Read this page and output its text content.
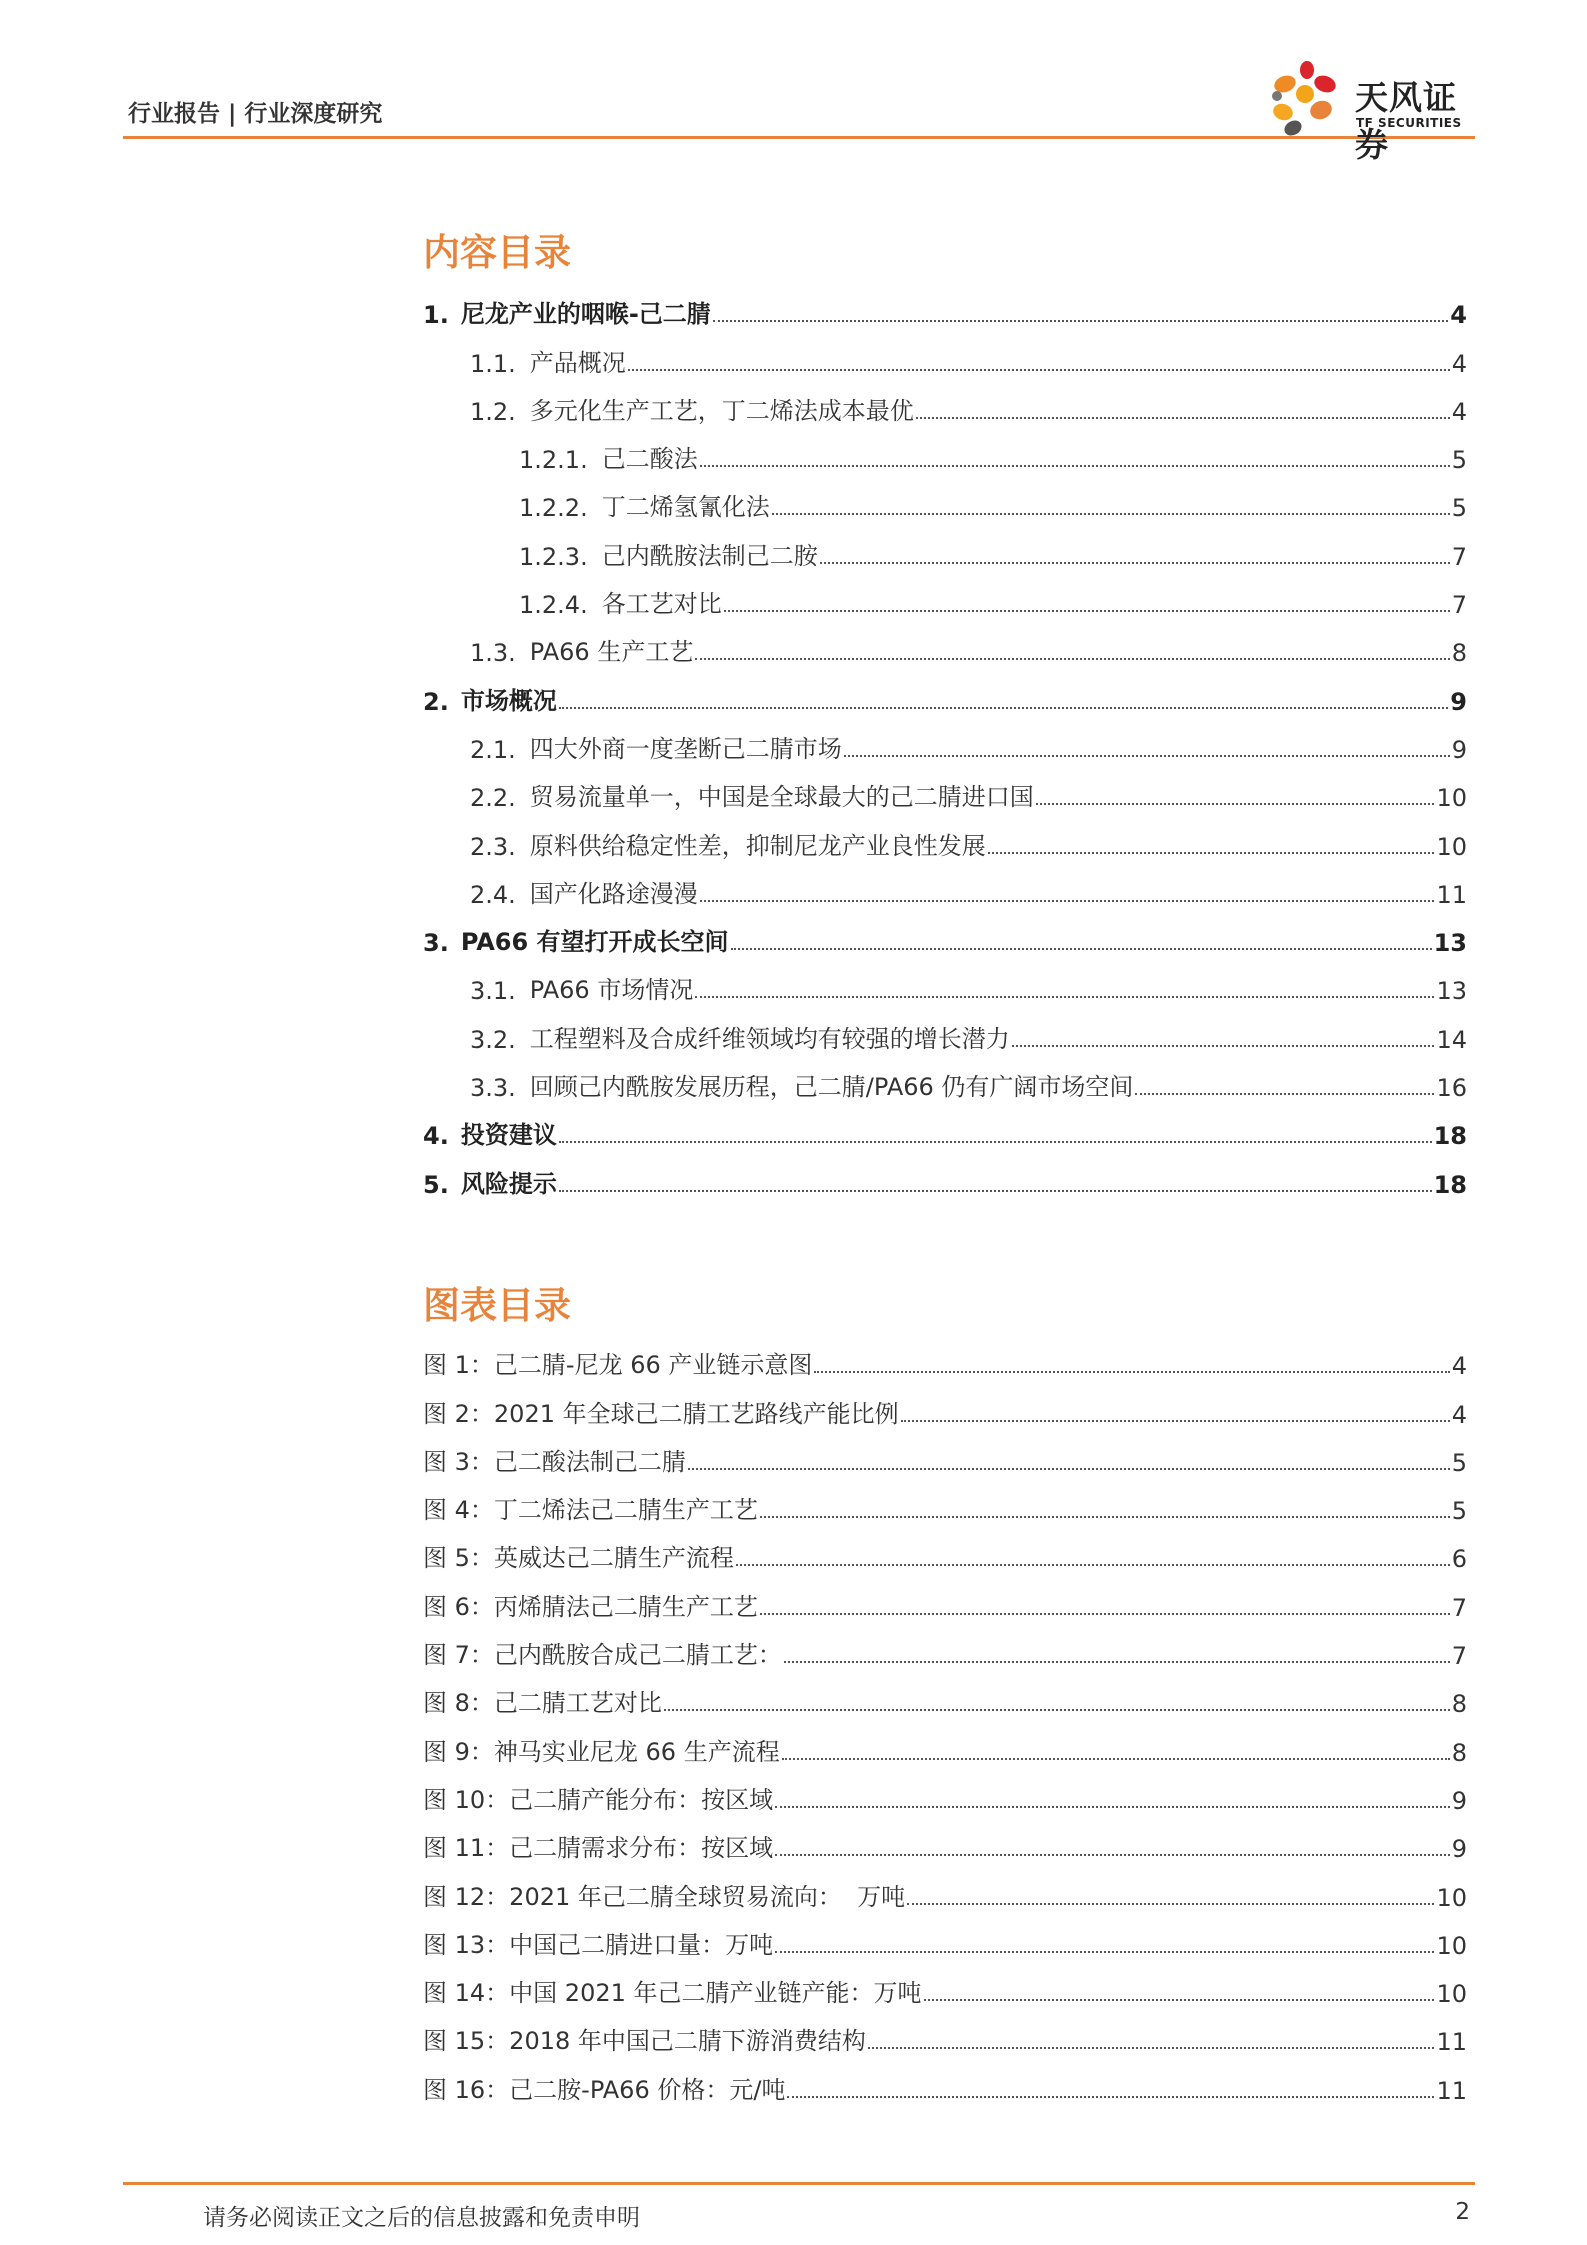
行业报告 | 行业深度研究	天风证券
TF SECURITIES
内容目录
1. 尼龙产业的咽喉-己二腈	4
1.1. 产品概况	4
1.2. 多元化生产工艺，丁二烯法成本最优	4
1.2.1. 己二酸法	5
1.2.2. 丁二烯氢氰化法	5
1.2.3. 己内酰胺法制己二胺	7
1.2.4. 各工艺对比	7
1.3. PA66 生产工艺	8
2. 市场概况	9
2.1. 四大外商一度垄断己二腈市场	9
2.2. 贸易流量单一，中国是全球最大的己二腈进口国	10
2.3. 原料供给稳定性差，抑制尼龙产业良性发展	10
2.4. 国产化路途漫漫	11
3. PA66 有望打开成长空间	13
3.1. PA66 市场情况	13
3.2. 工程塑料及合成纤维领域均有较强的增长潜力	14
3.3. 回顾己内酰胺发展历程，己二腈/PA66 仍有广阔市场空间	16
4. 投资建议	18
5. 风险提示	18
图表目录
图 1： 己二腈-尼龙 66 产业链示意图	4
图 2： 2021 年全球己二腈工艺路线产能比例	4
图 3： 己二酸法制己二腈	5
图 4： 丁二烯法己二腈生产工艺	5
图 5： 英威达己二腈生产流程	6
图 6： 丙烯腈法己二腈生产工艺	7
图 7： 己内酰胺合成己二腈工艺：	7
图 8： 己二腈工艺对比	8
图 9： 神马实业尼龙 66 生产流程	8
图 10： 己二腈产能分布：按区域	9
图 11： 己二腈需求分布：按区域	9
图 12： 2021 年己二腈全球贸易流向：  万吨	10
图 13： 中国己二腈进口量：万吨	10
图 14： 中国 2021 年己二腈产业链产能：万吨	10
图 15： 2018 年中国己二腈下游消费结构	11
图 16： 己二胺-PA66 价格：元/吨	11
请务必阅读正文之后的信息披露和免责申明	2
